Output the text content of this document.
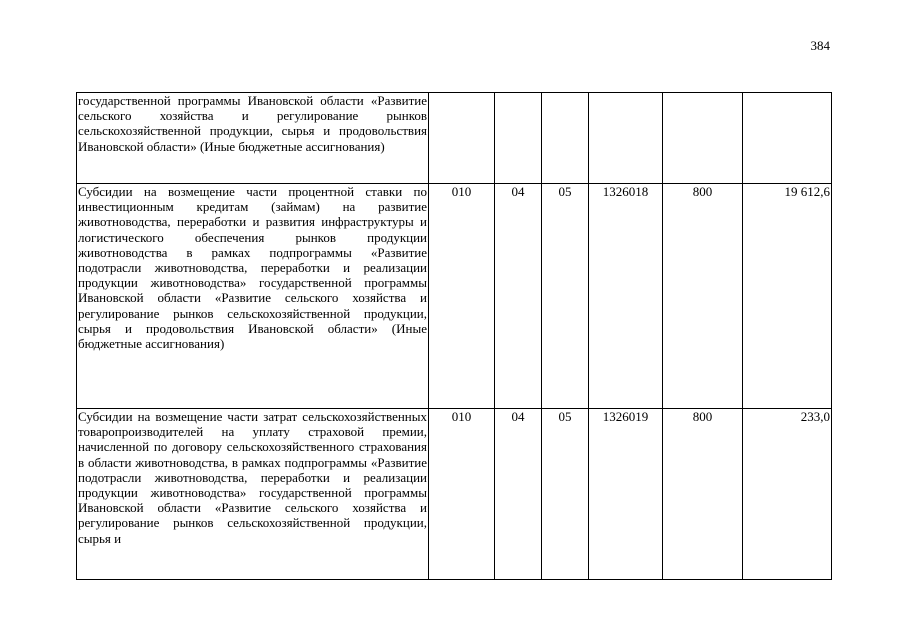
384
государственной программы Ивановской области «Развитие сельского хозяйства и регулирование рынков сельскохозяйственной продукции, сырья и продовольствия Ивановской области» (Иные бюджетные ассигнования)						
Субсидии на возмещение части процентной ставки по инвестиционным кредитам (займам) на развитие животноводства, переработки и развития инфраструктуры и логистического обеспечения рынков продукции животноводства в рамках подпрограммы «Развитие подотрасли животноводства, переработки и реализации продукции животноводства» государственной программы Ивановской области «Развитие сельского хозяйства и регулирование рынков сельскохозяйственной продукции, сырья и продовольствия Ивановской области» (Иные бюджетные ассигнования)	010	04	05	1326018	800	19 612,6
Субсидии на возмещение части затрат сельскохозяйственных товаропроизводителей на уплату страховой премии, начисленной по договору сельскохозяйственного страхования в области животноводства, в рамках подпрограммы «Развитие подотрасли животноводства, переработки и реализации продукции животноводства» государственной программы Ивановской области «Развитие сельского хозяйства и регулирование рынков сельскохозяйственной продукции, сырья и	010	04	05	1326019	800	233,0
